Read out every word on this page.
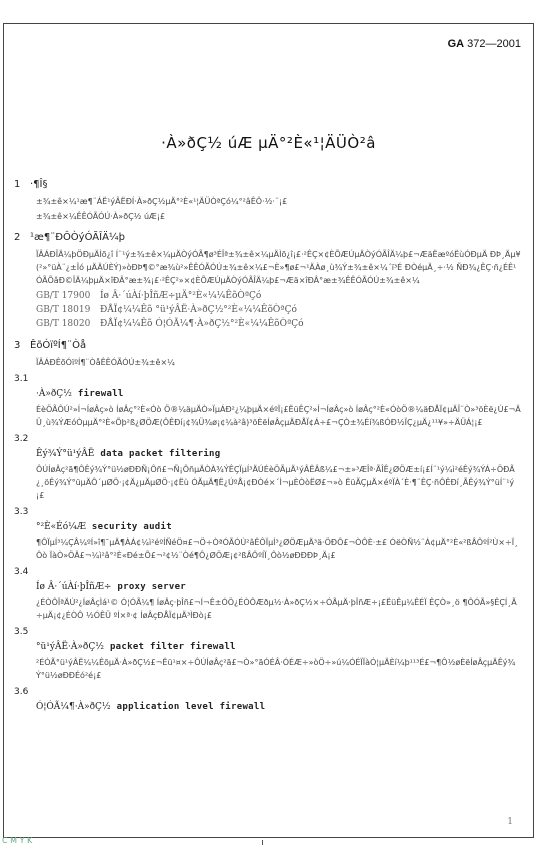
GA 372—2001
·À»ðÇ½ úÆ µÄ°²È«¹¦ÄÜÒ²â
1 ·¶Î§
±¾±ê×¼¹æ¶¨ÁË¹ýÂËÐÍ·À»ðÇ½µÄ°²È«¹¦ÄÜÒªÇó¼°²âÊÔ·½·¨¡£
±¾±ê×¼ÊÊÓÃÓÚ·À»ðÇ½ úÆ¡£
2 ¹æ¶¨ÐÔÒýÓÃÎÄ¼þ
ÏÂÁÐÎÄ¼þÖÐµÄÌõ¿î Í¨¹ý±¾±ê×¼µÄÒýÓÃ¶ø³ÉÎª±¾±ê×¼µÄÌõ¿î¡£·²ÊÇ×¢ÈÕÆÚµÄÒýÓÃÎÄ¼þ£¬ÆäËæºóËùÓÐµÄ ÐÞ¸Äµ¥(²»°üÀ¨¿±Îó µÄÄÚÈÝ)»òÐÞ¶©°æ¾ù²»ÊÊÓÃÓÚ±¾±ê×¼£¬È»¶ø£¬¹ÄÀø¸ù¾Ý±¾±ê×¼´ï³É ÐÒéµÄ¸÷·½ ÑÐ¾¿ÊÇ·ñ¿ÉÊ¹ÓÃÕâÐ©ÎÄ¼þµÄ×îÐÂ°æ±¾¡£·²ÊÇ²»×¢ÈÕÆÚµÄÒýÓÃÎÄ¼þ£¬Æä×îÐÂ°æ±¾ÊÊÓÃÓÚ±¾±ê×¼
GB/T 17900 Íø Â·´úÀí·þÎñÆ÷µÄ°²È«¼¼ÊõÒªÇó
GB/T 18019 ÐÅÏ¢¼¼Êõ °ü¹ýÂË·À»ðÇ½°²È«¼¼ÊõÒªÇó
GB/T 18020 ÐÅÏ¢¼¼Êõ Ó¦ÓÃ¼¶·À»ðÇ½°²È«¼¼ÊõÒªÇó
3 ÊõÓïºÍ¶¨Òå
ÏÂÁÐÊõÓïºÍ¶¨ÒåÊÊÓÃÓÚ±¾±ê×¼
3.1
·À»ðÇ½ firewall
ÉèÖÃÔÚ²»Í¬ÍøÂç»ò ÍøÂç°²È«Óò Ö®¼äµÄÒ»ÏµÁÐ²¿¼þµÄ×éºÏ¡£ËüÊÇ²»Í¬ÍøÂç»ò ÍøÂç°²È«ÓòÖ®¼äÐÅÏ¢µÄÎ¨Ò»³öÈë¿Ú£¬ÄÜ¸ù¾ÝÆóÒµµÄ°²È«Õþ²ß¿ØÖÆ(ÔÊÐí¡¢¾Ü¾ø¡¢¼à²â)³öÈëÍøÂçµÄÐÅÏ¢Á÷£¬ÇÒ±¾Éí¾ßÓÐ½ÏÇ¿µÄ¿¹¹¥»÷ÄÜÁ¦¡£
3.2
Êý¾Ý°ü¹ýÂË data packet filtering
ÔÚÍøÂç²ã¶ÔÊý¾Ý°ü½øÐÐÑ¡Ôñ£¬Ñ¡ÔñµÄÒÀ¾ÝÊÇÏµÍ³ÄÚÉèÖÃµÄ¹ýÂËÂß¼£¬±»³ÆÎª·ÃÎÊ¿ØÖÆ±í¡£Í¨¹ý¼ì²éÊý¾ÝÁ÷ÖÐÃ¿¸öÊý¾Ý°üµÄÔ´µØÖ·¡¢Ä¿µÄµØÖ·¡¢Ëù ÓÃµÄ¶Ë¿ÚºÅ¡¢ÐÒé×´Ì¬µÈÒòËØ£¬»ò ËüÃÇµÄ×éºÏÀ´È·¶¨ÊÇ·ñÔÊÐí¸ÃÊý¾Ý°üÍ¨¹ý¡£
3.3
°²È«Éó¼Æ security audit
¶ÔÏµÍ³¼ÇÂ¼ºÍ»î¶¯µÄ¶ÀÁ¢¼ì²éºÍÑéÖ¤£¬Ö÷ÒªÓÃÓÚ²âÊÔÏµÍ³¿ØÖÆµÄ³ä·ÖÐÔ£¬ÒÔÈ·±£ ÓëÒÑ½¨Á¢µÄ°²È«²ßÂÔºÍ²Ù×÷Ï¸Ôò ÏàÒ»ÖÂ£¬¼ì²â°²È«Ðé±Õ£¬²¢½¨Òé¶Ô¿ØÖÆ¡¢²ßÂÔºÍÏ¸Ôò½øÐÐÐÞ¸Ä¡£
3.4
Íø Â·´úÀí·þÎñÆ÷ proxy server
¿ÉÒÔÎªÄÚ²¿ÍøÂçÌá¹© Ó¦ÓÃ¼¶ ÍøÂç·þÎñ£¬Í¬Ê±ÓÖ¿ÉÒÔÆðµ½·À»ðÇ½×÷ÓÃµÄ·þÎñÆ÷¡£ËüÊµ¼ÊÉÏ ÊÇÒ»¸ö ¶ÔÓÃ»§ÊÇÍ¸Ã÷µÄ¡¢¿ÉÒÔ ½ÓÊÜ ºÍ×ª·¢ ÍøÂçÐÅÏ¢µÄ³ÌÐò¡£
3.5
°ü¹ýÂË·À»ðÇ½ packet filter firewall
²ÉÓÃ°ü¹ýÂË¼¼ÊõµÄ·À»ðÇ½£¬Ëü¹¤×÷ÔÚÍøÂç²ã£¬Ò»°ãÓÉÂ·ÓÉÆ÷»òÖ÷»ú¼ÓÉÏÏàÓ¦µÄÈí¼þ¹¹³É£¬¶Ô½øÈëÍøÂçµÄÊý¾Ý°ü½øÐÐÉó²é¡£
3.6
Ó¦ÓÃ¼¶·À»ðÇ½ application level firewall
1
C M Y K
